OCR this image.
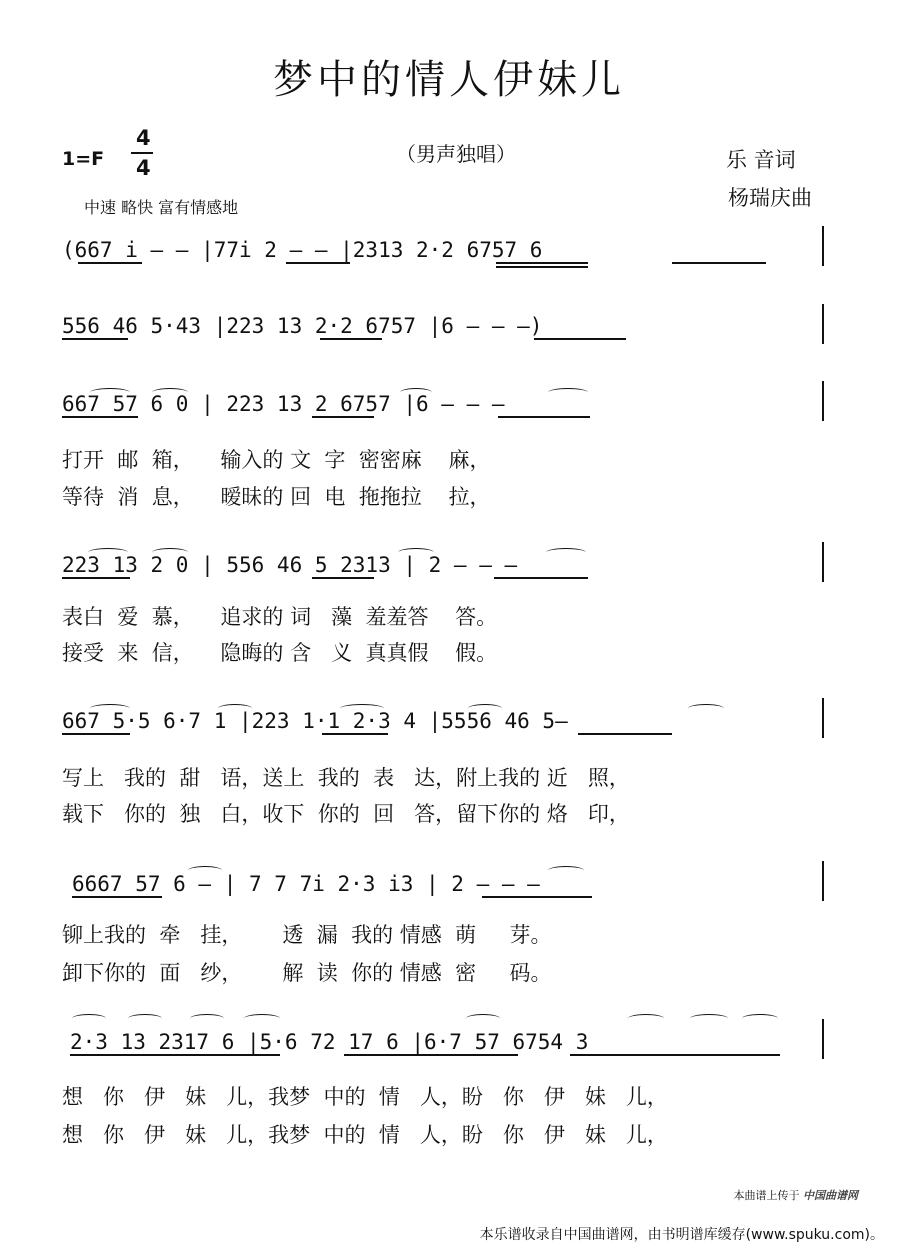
梦中的情人伊妹儿
1=F
4
4
（男声独唱）	乐 音词
杨瑞庆曲
中速 略快 富有情感地
(667 i — — |77i 2 — — |2313 2·2 6757 6
556 46 5·43 |223 13 2·2 6757 |6 — — —)
667 57 6 0 | 223 13 2 6757 |6 — — —
打开  邮  箱，    输入的 文  字  密密麻    麻，
等待  消  息，    暧昧的 回  电  拖拖拉    拉，
223 13 2 0 | 556 46 5 2313 | 2 — — —
表白  爱  慕，    追求的 词   藻  羞羞答    答。
接受  来  信，    隐晦的 含   义  真真假    假。
667 5·5 6·7 1 |223 1·1 2·3 4 |5556 46 5—
写上   我的  甜   语，送上  我的  表   达，附上我的 近   照，
载下   你的  独   白，收下  你的  回   答，留下你的 烙   印，
6667 57 6 — | 7 7 7i 2·3 i3 | 2 — — —
铆上我的  牵   挂，      透  漏  我的 情感  萌     芽。
卸下你的  面   纱，      解  读  你的 情感  密     码。
2·3 13 2317 6 |5·6 72 17 6 |6·7 57 6754 3
想   你   伊   妹   儿，我梦  中的  情   人，盼   你   伊   妹   儿，
想   你   伊   妹   儿，我梦  中的  情   人，盼   你   伊   妹   儿，
本曲谱上传于 中国曲谱网
本乐谱收录自中国曲谱网，由书明谱库缓存(www.spuku.com)。
